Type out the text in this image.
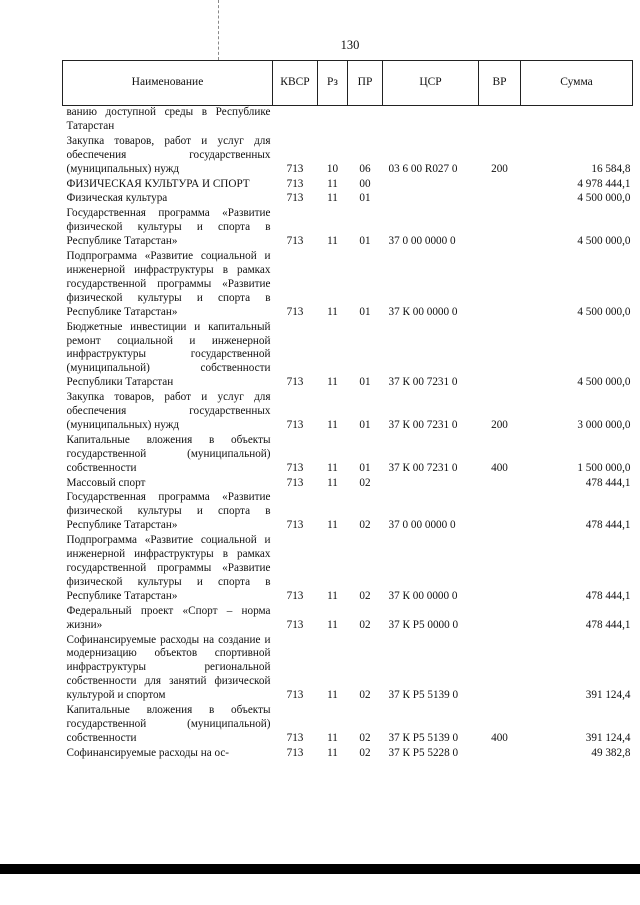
130
Наименование	КВСР	Рз	ПР	ЦСР	ВР	Сумма
ванию доступной среды в Республике Татарстан						
Закупка товаров, работ и услуг для обеспечения государственных (муниципальных) нужд	713	10	06	03 6 00 R027 0	200	16 584,8
ФИЗИЧЕСКАЯ КУЛЬТУРА И СПОРТ	713	11	00			4 978 444,1
Физическая культура	713	11	01			4 500 000,0
Государственная программа «Развитие физической культуры и спорта в Республике Татарстан»	713	11	01	37 0 00 0000 0		4 500 000,0
Подпрограмма «Развитие социальной и инженерной инфраструктуры в рамках государственной программы «Развитие физической культуры и спорта в Республике Татарстан»	713	11	01	37 К 00 0000 0		4 500 000,0
Бюджетные инвестиции и капитальный ремонт социальной и инженерной инфраструктуры государственной (муниципальной) собственности Республики Татарстан	713	11	01	37 К 00 7231 0		4 500 000,0
Закупка товаров, работ и услуг для обеспечения государственных (муниципальных) нужд	713	11	01	37 К 00 7231 0	200	3 000 000,0
Капитальные вложения в объекты государственной (муниципальной) собственности	713	11	01	37 К 00 7231 0	400	1 500 000,0
Массовый спорт	713	11	02			478 444,1
Государственная программа «Развитие физической культуры и спорта в Республике Татарстан»	713	11	02	37 0 00 0000 0		478 444,1
Подпрограмма «Развитие социальной и инженерной инфраструктуры в рамках государственной программы «Развитие физической культуры и спорта в Республике Татарстан»	713	11	02	37 К 00 0000 0		478 444,1
Федеральный проект «Спорт – норма жизни»	713	11	02	37 К P5 0000 0		478 444,1
Софинансируемые расходы на создание и модернизацию объектов спортивной инфраструктуры региональной собственности для занятий физической культурой и спортом	713	11	02	37 К P5 5139 0		391 124,4
Капитальные вложения в объекты государственной (муниципальной) собственности	713	11	02	37 К P5 5139 0	400	391 124,4
Софинансируемые расходы на ос-	713	11	02	37 К P5 5228 0		49 382,8
